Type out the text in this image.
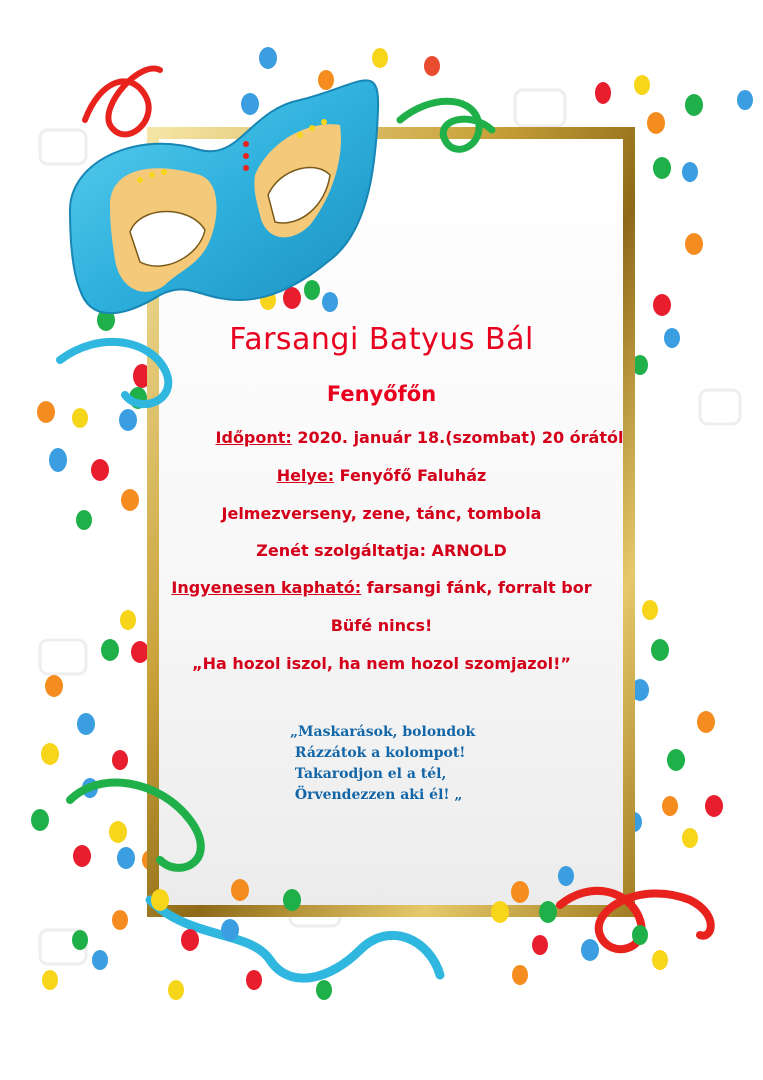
Farsangi Batyus Bál
Fenyőfőn
Időpont: 2020. január 18.(szombat) 20 órától
Helye: Fenyőfő Faluház
Jelmezverseny, zene, tánc, tombola
Zenét szolgáltatja: ARNOLD
Ingyenesen kapható: farsangi fánk, forralt bor
Büfé nincs!
„Ha hozol iszol, ha nem hozol szomjazol!”
„Maskarások, bolondok
Rázzátok a kolompot!
Takarodjon el a tél,
Örvendezzen aki él! „
